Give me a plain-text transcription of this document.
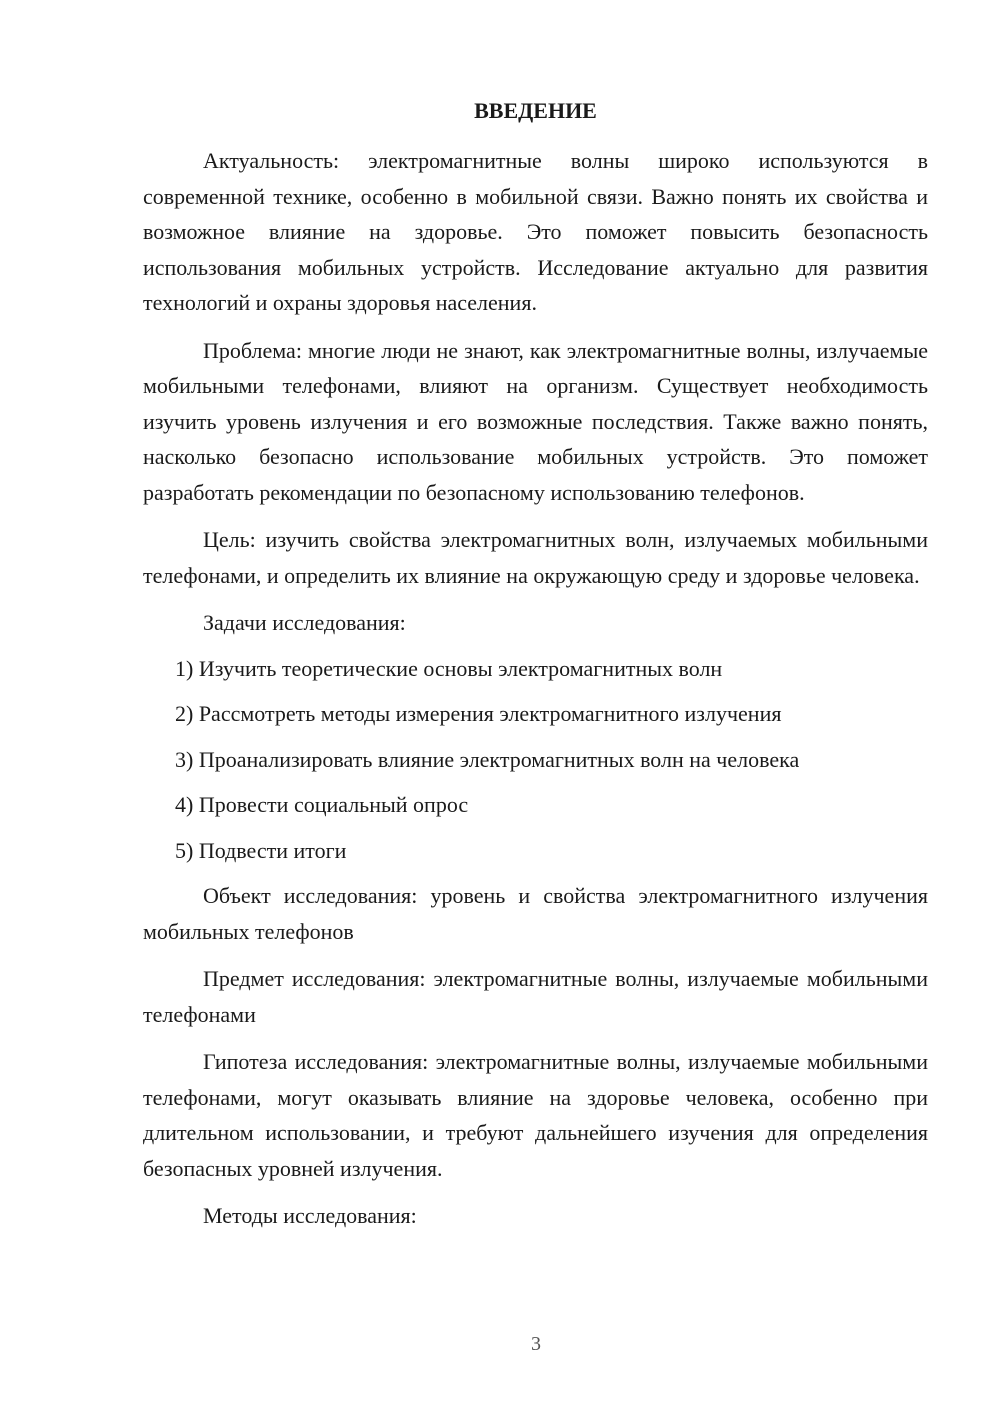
ВВЕДЕНИЕ

Актуальность: электромагнитные волны широко используются в современной технике, особенно в мобильной связи. Важно понять их свойства и возможное влияние на здоровье. Это поможет повысить безопасность использования мобильных устройств. Исследование актуально для развития технологий и охраны здоровья населения.

Проблема: многие люди не знают, как электромагнитные волны, излучаемые мобильными телефонами, влияют на организм. Существует необходимость изучить уровень излучения и его возможные последствия. Также важно понять, насколько безопасно использование мобильных устройств. Это поможет разработать рекомендации по безопасному использованию телефонов.

Цель: изучить свойства электромагнитных волн, излучаемых мобильными телефонами, и определить их влияние на окружающую среду и здоровье человека.

Задачи исследования:

1) Изучить теоретические основы электромагнитных волн
2) Рассмотреть методы измерения электромагнитного излучения
3) Проанализировать влияние электромагнитных волн на человека
4) Провести социальный опрос
5) Подвести итоги

Объект исследования: уровень и свойства электромагнитного излучения мобильных телефонов

Предмет исследования: электромагнитные волны, излучаемые мобильными телефонами

Гипотеза исследования: электромагнитные волны, излучаемые мобильными телефонами, могут оказывать влияние на здоровье человека, особенно при длительном использовании, и требуют дальнейшего изучения для определения безопасных уровней излучения.

Методы исследования:

3
